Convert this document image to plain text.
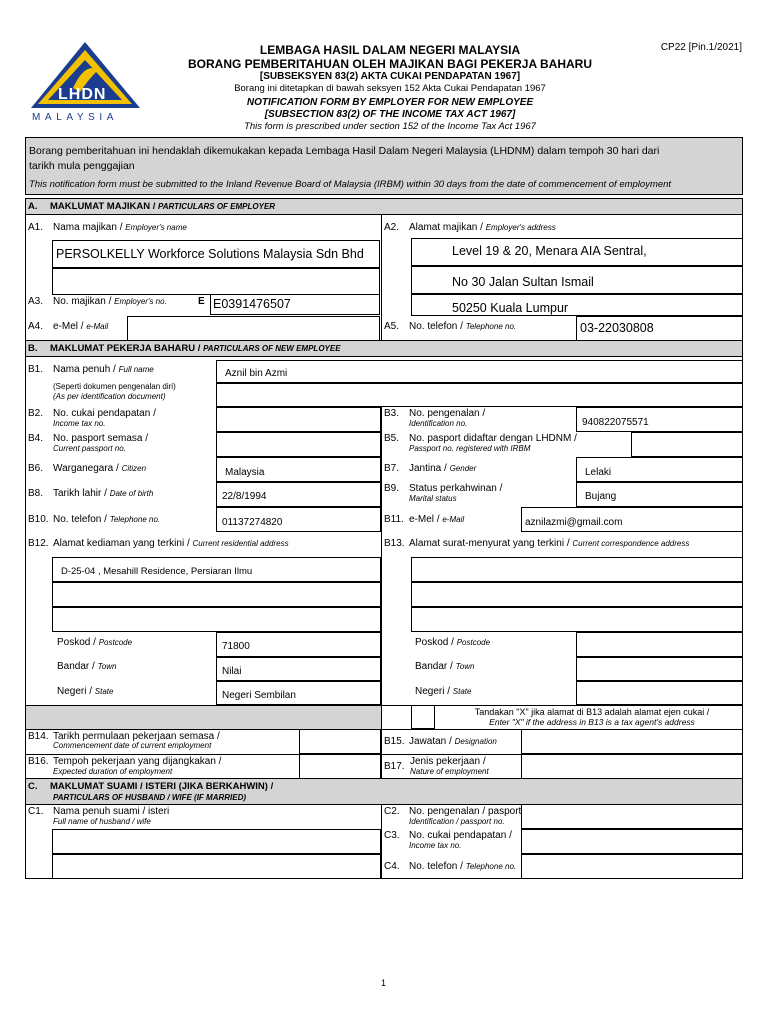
LHDN
MALAYSIA
CP22 [Pin.1/2021]
LEMBAGA HASIL DALAM NEGERI MALAYSIA
BORANG PEMBERITAHUAN OLEH MAJIKAN BAGI PEKERJA BAHARU
[SUBSEKSYEN 83(2) AKTA CUKAI PENDAPATAN 1967]
Borang ini ditetapkan di bawah seksyen 152 Akta Cukai Pendapatan 1967
NOTIFICATION FORM BY EMPLOYER FOR NEW EMPLOYEE
[SUBSECTION 83(2) OF THE INCOME TAX ACT 1967]
This form is prescribed under section 152 of the Income Tax Act 1967
Borang pemberitahuan ini hendaklah dikemukakan kepada Lembaga Hasil Dalam Negeri Malaysia (LHDNM) dalam tempoh 30 hari dari
tarikh mula penggajian
This notification form must be submitted to the Inland Revenue Board of Malaysia (IRBM) within 30 days from the date of commencement of employment
A. MAKLUMAT MAJIKAN / PARTICULARS OF EMPLOYER
A1. Nama majikan / Employer's name
PERSOLKELLY Workforce Solutions Malaysia Sdn Bhd
A3. No. majikan / Employer's no.	E E0391476507
A4. e-Mel / e-Mail
A2. Alamat majikan / Employer's address
Level 19 & 20, Menara AIA Sentral,
No 30 Jalan Sultan Ismail
50250 Kuala Lumpur
A5. No. telefon / Telephone no.	03-22030808
B. MAKLUMAT PEKERJA BAHARU / PARTICULARS OF NEW EMPLOYEE
B1. Nama penuh / Full name
(Seperti dokumen pengenalan diri)
(As per identification document)
Aznil bin Azmi
B2. No. cukai pendapatan /
Income tax no.
B3. No. pengenalan /
Identification no.	940822075571
B4. No. pasport semasa /
Current passport no.
B5. No. pasport didaftar dengan LHDNM /
Passport no. registered with IRBM
B6. Warganegara / Citizen	Malaysia	B7. Jantina / Gender	Lelaki
B8. Tarikh lahir / Date of birth	22/8/1994
B9. Status perkahwinan /
Marital status	Bujang
B10. No. telefon / Telephone no.	01137274820	B11. e-Mel / e-Mail	aznilazmi@gmail.com
B12. Alamat kediaman yang terkini / Current residential address	B13. Alamat surat-menyurat yang terkini / Current correspondence address
D-25-04 , Mesahill Residence, Persiaran Ilmu
Poskod / Postcode	71800
Bandar / Town	Nilai
Negeri / State	Negeri Sembilan
Poskod / Postcode
Bandar / Town
Negeri / State
Tandakan "X" jika alamat di B13 adalah alamat ejen cukai /
Enter "X" if the address in B13 is a tax agent's address
B14. Tarikh permulaan pekerjaan semasa /
Commencement date of current employment	B15. Jawatan / Designation
B16. Tempoh pekerjaan yang dijangkakan /
Expected duration of employment	B17. Jenis pekerjaan /
Nature of employment
C. MAKLUMAT SUAMI / ISTERI (JIKA BERKAHWIN) /
PARTICULARS OF HUSBAND / WIFE (IF MARRIED)
C1. Nama penuh suami / isteri
Full name of husband / wife
C2. No. pengenalan / pasport
Identification / passport no.
C3. No. cukai pendapatan /
Income tax no.
C4. No. telefon / Telephone no.
1
